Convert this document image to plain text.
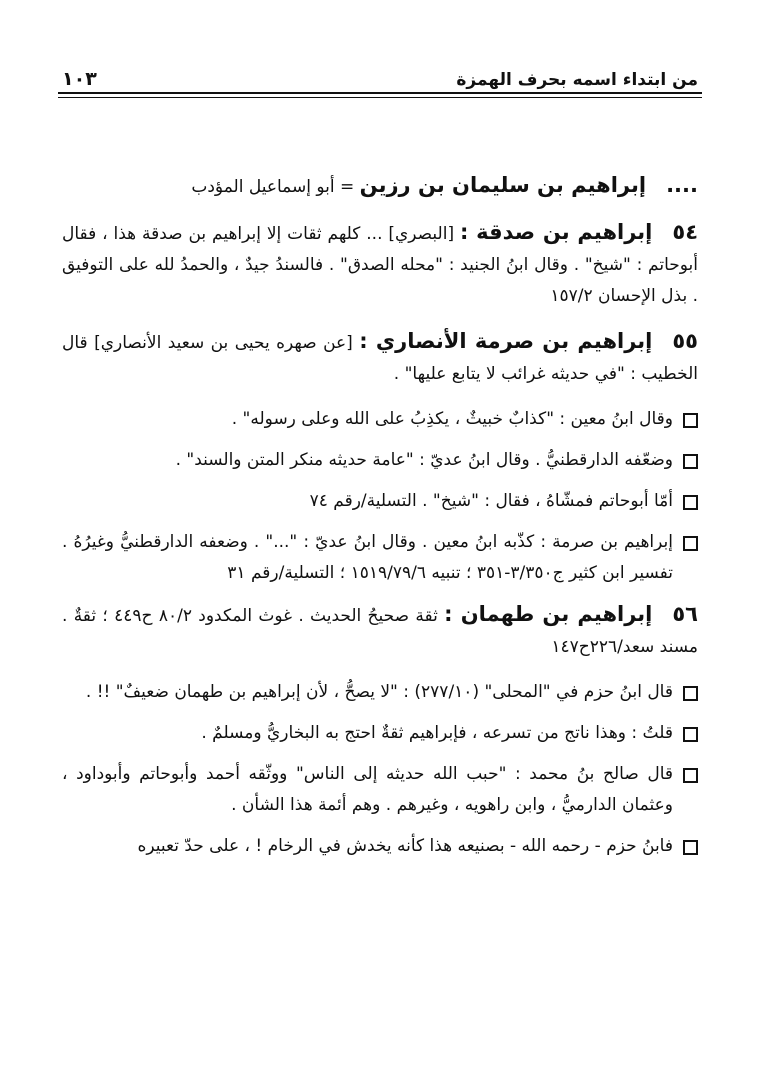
١٠٣	من ابتداء اسمه بحرف الهمزة
....إبراهيم بن سليمان بن رزين = أبو إسماعيل المؤدب
٥٤إبراهيم بن صدقة : [البصري] ... كلهم ثقات إلا إبراهيم بن صدقة هذا ، فقال أبوحاتم : "شيخ" . وقال ابنُ الجنيد : "محله الصدق" . فالسندُ جيدٌ ، والحمدُ لله على التوفيق . بذل الإحسان ١٥٧/٢
٥٥إبراهيم بن صرمة الأنصاري : [عن صهره يحيى بن سعيد الأنصاري] قال الخطيب : "في حديثه غرائب لا يتابع عليها" .
وقال ابنُ معين : "كذابٌ خبيثٌ ، يكذِبُ على الله وعلى رسوله" .
وضعّفه الدارقطنيُّ . وقال ابنُ عديّ : "عامة حديثه منكر المتن والسند" .
أمّا أبوحاتم فمشّاهُ ، فقال : "شيخ" . التسلية/رقم ٧٤
إبراهيم بن صرمة : كذّبه ابنُ معين . وقال ابنُ عديّ : "..." . وضعفه الدارقطنيُّ وغيرُهُ . تفسير ابن كثير ج٣/٣٥٠-٣٥١ ؛ تنبيه ١٥١٩/٧٩/٦ ؛ التسلية/رقم ٣١
٥٦إبراهيم بن طهمان : ثقة صحيحُ الحديث . غوث المكدود ٨٠/٢ ح٤٤٩ ؛ ثقةٌ . مسند سعد/٢٢٦ح١٤٧
قال ابنُ حزم في "المحلى" (٢٧٧/١٠) : "لا يصحُّ ، لأن إبراهيم بن طهمان ضعيفٌ" !! .
قلتُ : وهذا ناتج من تسرعه ، فإبراهيم ثقةٌ احتج به البخاريُّ ومسلمٌ .
قال صالح بنُ محمد : "حبب الله حديثه إلى الناس" ووثّقه أحمد وأبوحاتم وأبوداود ، وعثمان الدارميُّ ، وابن راهويه ، وغيرهم . وهم أئمة هذا الشأن .
فابنُ حزم - رحمه الله - بصنيعه هذا كأنه يخدش في الرخام ! ، على حدّ تعبيره
